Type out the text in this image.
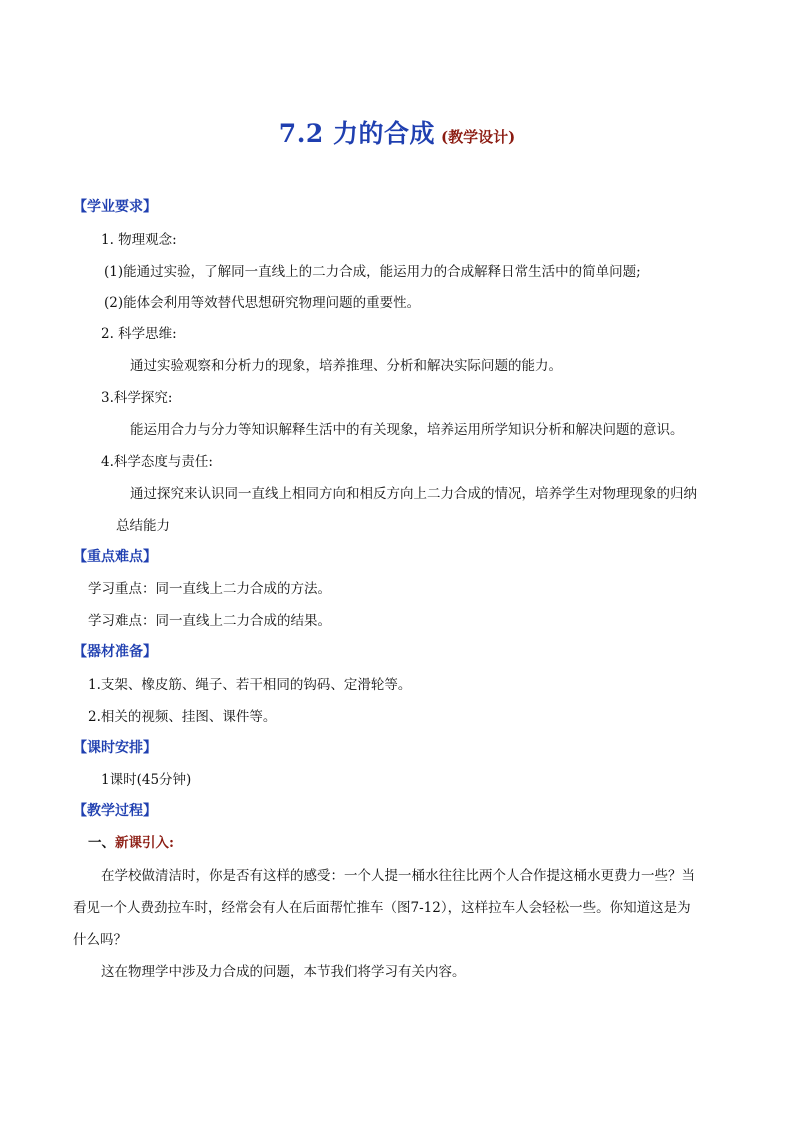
7.2 力的合成 (教学设计)
【学业要求】
1. 物理观念:
(1)能通过实验，了解同一直线上的二力合成，能运用力的合成解释日常生活中的简单问题;
(2)能体会利用等效替代思想研究物理问题的重要性。
2. 科学思维:
通过实验观察和分析力的现象，培养推理、分析和解决实际问题的能力。
3.科学探究:
能运用合力与分力等知识解释生活中的有关现象，培养运用所学知识分析和解决问题的意识。
4.科学态度与责任:
通过探究来认识同一直线上相同方向和相反方向上二力合成的情况，培养学生对物理现象的归纳
总结能力
【重点难点】
学习重点：同一直线上二力合成的方法。
学习难点：同一直线上二力合成的结果。
【器材准备】
1.支架、橡皮筋、绳子、若干相同的钩码、定滑轮等。
2.相关的视频、挂图、课件等。
【课时安排】
1课时(45分钟)
【教学过程】
一、新课引入:
在学校做清洁时，你是否有这样的感受：一个人提一桶水往往比两个人合作提这桶水更费力一些？当
看见一个人费劲拉车时，经常会有人在后面帮忙推车（图7-12），这样拉车人会轻松一些。你知道这是为
什么吗？
这在物理学中涉及力合成的问题，本节我们将学习有关内容。
